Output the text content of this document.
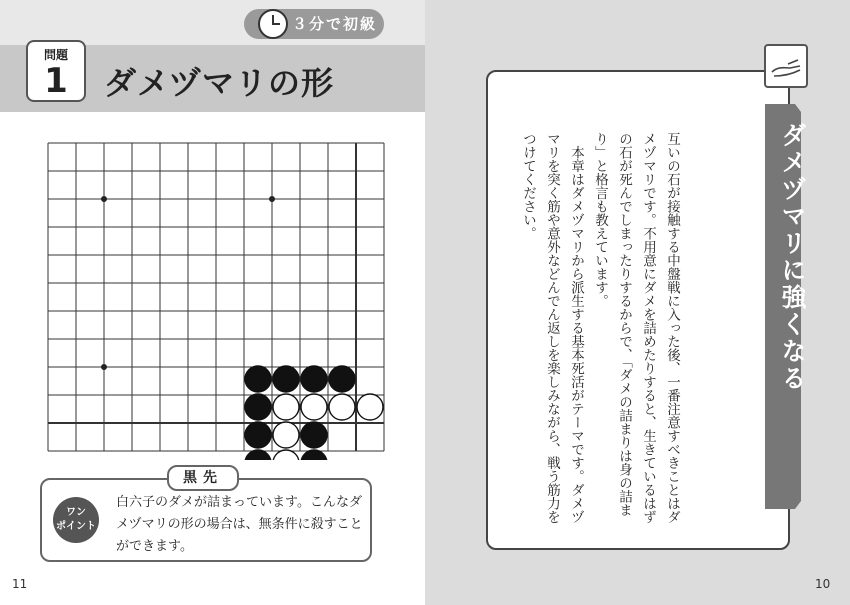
３分で初級
問題
1	ダメヅマリの形
黒先
ワン
ポイント
白六子のダメが詰まっています。こんなダメヅマリの形の場合は、無条件に殺すことができます。
11
互いの石が接触する中盤戦に入った後、一番注意すべきことはダメヅマリです。不用意にダメを詰めたりすると、生きているはずの石が死んでしまったりするからで、「ダメの詰まりは身の詰まり」と格言も教えています。
　本章はダメヅマリから派生する基本死活がテーマです。ダメヅマリを突く筋や意外などんでん返しを楽しみながら、戦う筋力をつけてください。	ダメヅマリに強くなる
10
